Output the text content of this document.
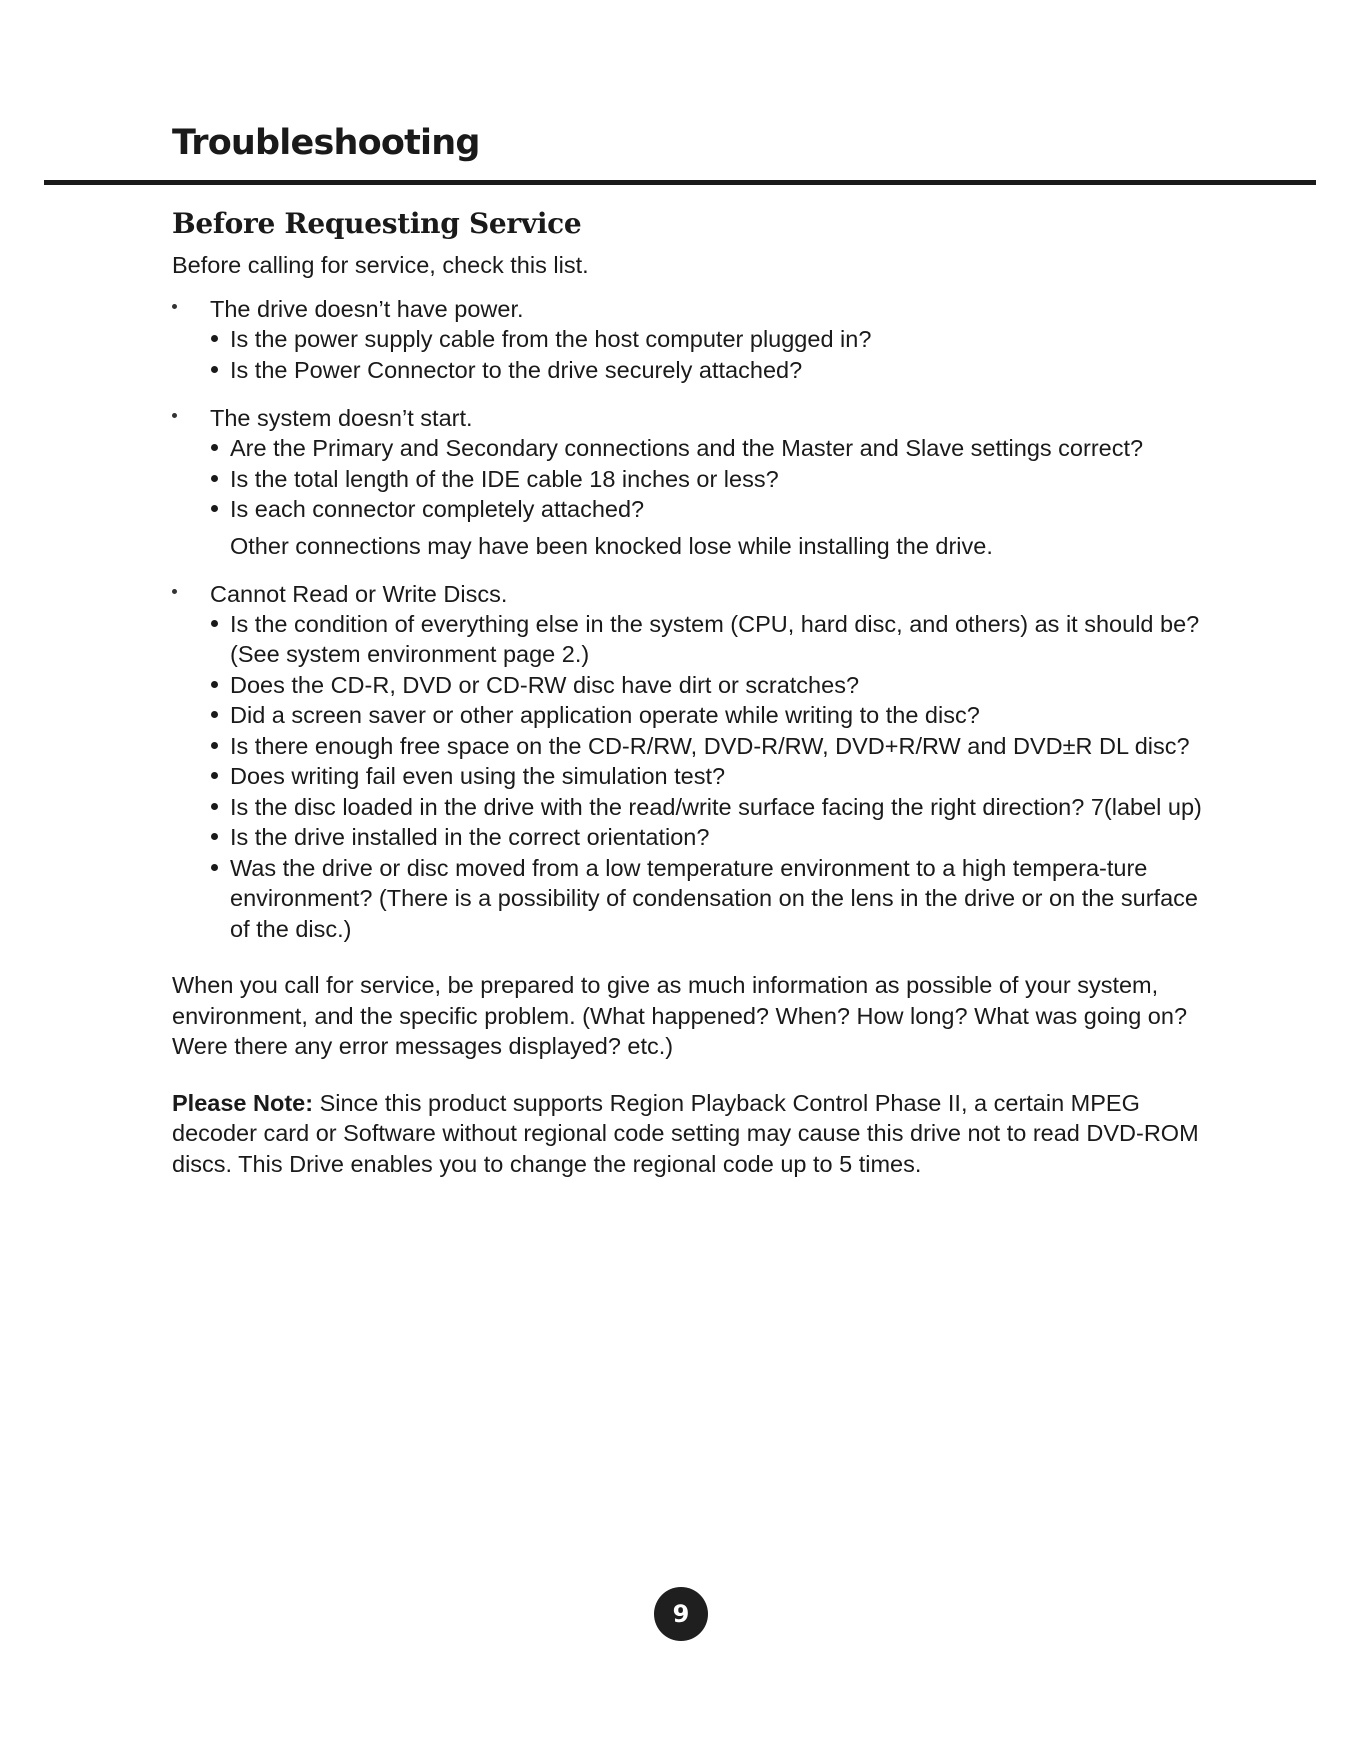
Troubleshooting
Before Requesting Service

Before calling for service, check this list.

The drive doesn’t have power.
Is the power supply cable from the host computer plugged in?
Is the Power Connector to the drive securely attached?
The system doesn’t start.
Are the Primary and Secondary connections and the Master and Slave settings correct?
Is the total length of the IDE cable 18 inches or less?
Is each connector completely attached?
Other connections may have been knocked lose while installing the drive.
Cannot Read or Write Discs.
Is the condition of everything else in the system (CPU, hard disc, and others) as it should be? (See system environment page 2.)
Does the CD-R, DVD or CD-RW disc have dirt or scratches?
Did a screen saver or other application operate while writing to the disc?
Is there enough free space on the CD-R/RW, DVD-R/RW, DVD+R/RW and DVD±R DL disc?
Does writing fail even using the simulation test?
Is the disc loaded in the drive with the read/write surface facing the right direction? 7(label up)
Is the drive installed in the correct orientation?
Was the drive or disc moved from a low temperature environment to a high tempera-ture environment? (There is a possibility of condensation on the lens in the drive or on the surface of the disc.)

When you call for service, be prepared to give as much information as possible of your system, environment, and the specific problem. (What happened? When? How long? What was going on? Were there any error messages displayed? etc.)

Please Note: Since this product supports Region Playback Control Phase II, a certain MPEG decoder card or Software without regional code setting may cause this drive not to read DVD-ROM discs. This Drive enables you to change the regional code up to 5 times.

9
